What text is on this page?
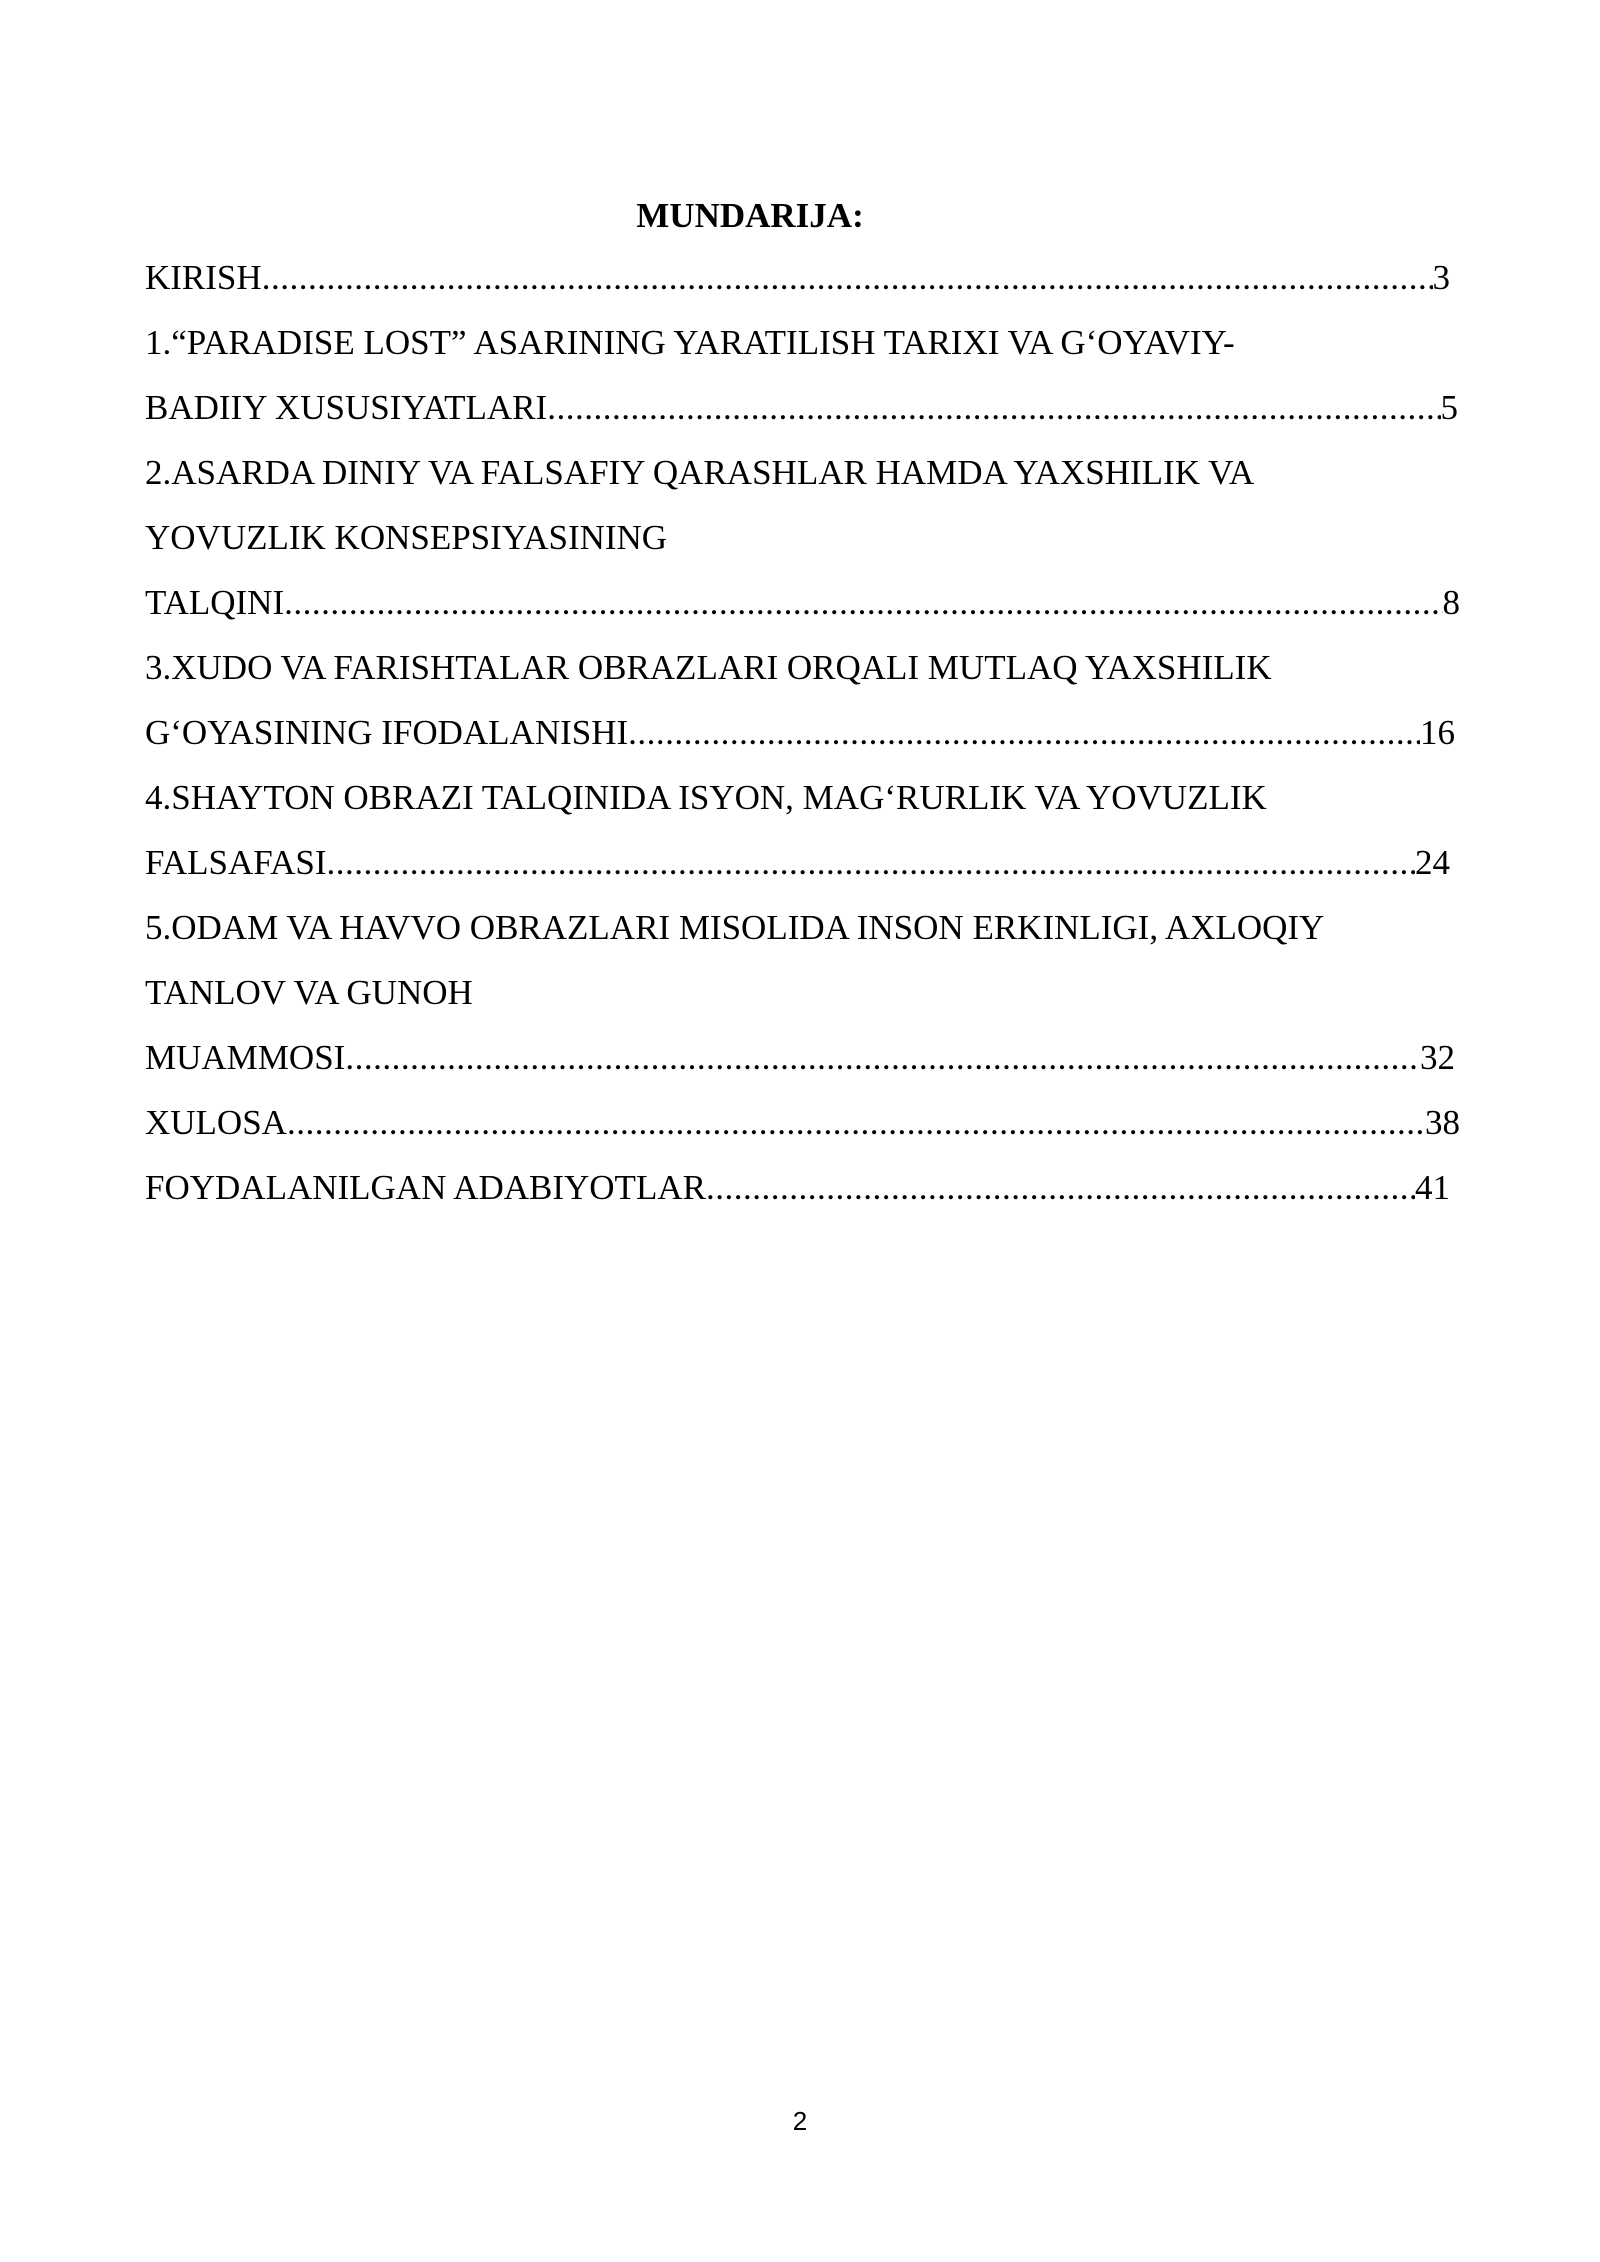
MUNDARIJA:
KIRISH .....	3
1.“PARADISE LOST” ASARINING YARATILISH TARIXI VA G‘OYAVIY-
BADIIY XUSUSIYATLARI .....	5
2.ASARDA DINIY VA FALSAFIY QARASHLAR HAMDA YAXSHILIK VA
YOVUZLIK KONSEPSIYASINING
TALQINI .....	8
3.XUDO VA FARISHTALAR OBRAZLARI ORQALI MUTLAQ YAXSHILIK
G‘OYASINING IFODALANISHI .....	16
4.SHAYTON OBRAZI TALQINIDA ISYON, MAG‘RURLIK VA YOVUZLIK
FALSAFASI .....	24
5.ODAM VA HAVVO OBRAZLARI MISOLIDA INSON ERKINLIGI, AXLOQIY
TANLOV VA GUNOH
MUAMMOSI .....	32
XULOSA .....	38
FOYDALANILGAN ADABIYOTLAR .....	41
2
